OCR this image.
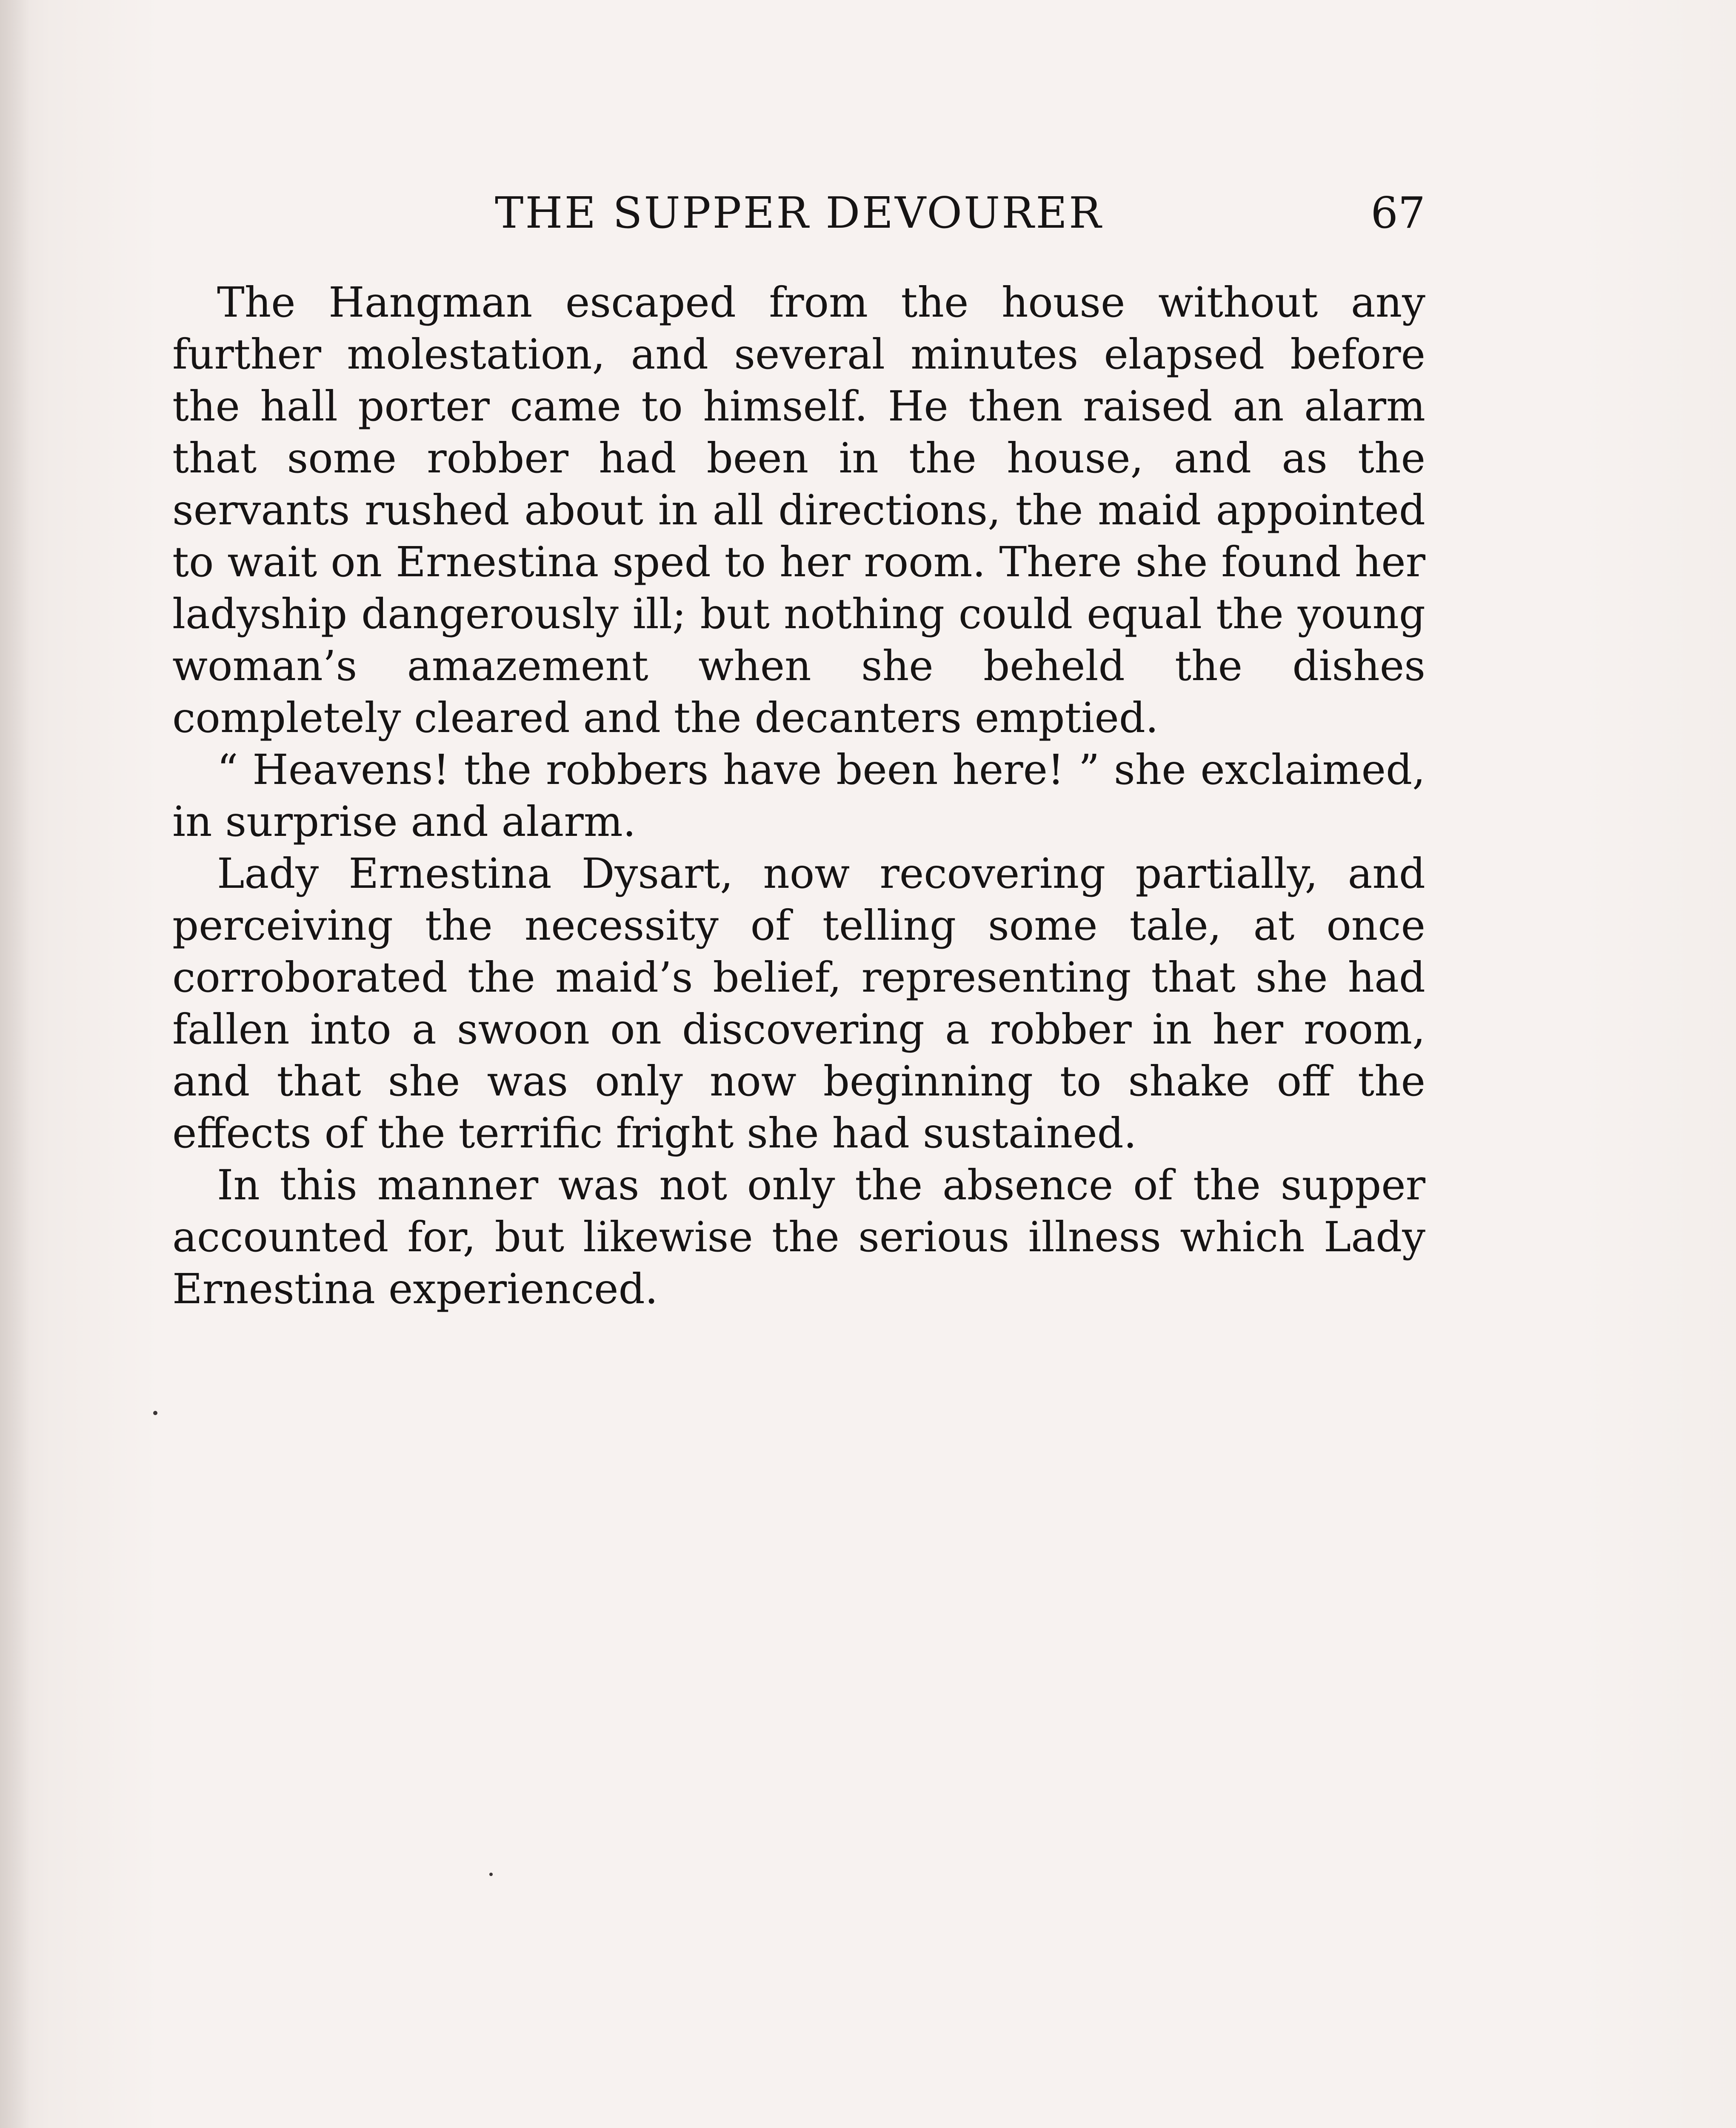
THE SUPPER DEVOURER	67

The Hangman escaped from the house without any further molestation, and several minutes elapsed before the hall porter came to himself. He then raised an alarm that some robber had been in the house, and as the servants rushed about in all directions, the maid appointed to wait on Ernestina sped to her room. There she found her ladyship dangerously ill; but nothing could equal the young woman’s amazement when she beheld the dishes completely cleared and the decanters emptied.

“ Heavens! the robbers have been here! ” she exclaimed, in surprise and alarm.

Lady Ernestina Dysart, now recovering partially, and perceiving the necessity of telling some tale, at once corroborated the maid’s belief, representing that she had fallen into a swoon on discovering a robber in her room, and that she was only now beginning to shake off the effects of the terrific fright she had sustained.

In this manner was not only the absence of the supper accounted for, but likewise the serious illness which Lady Ernestina experienced.
